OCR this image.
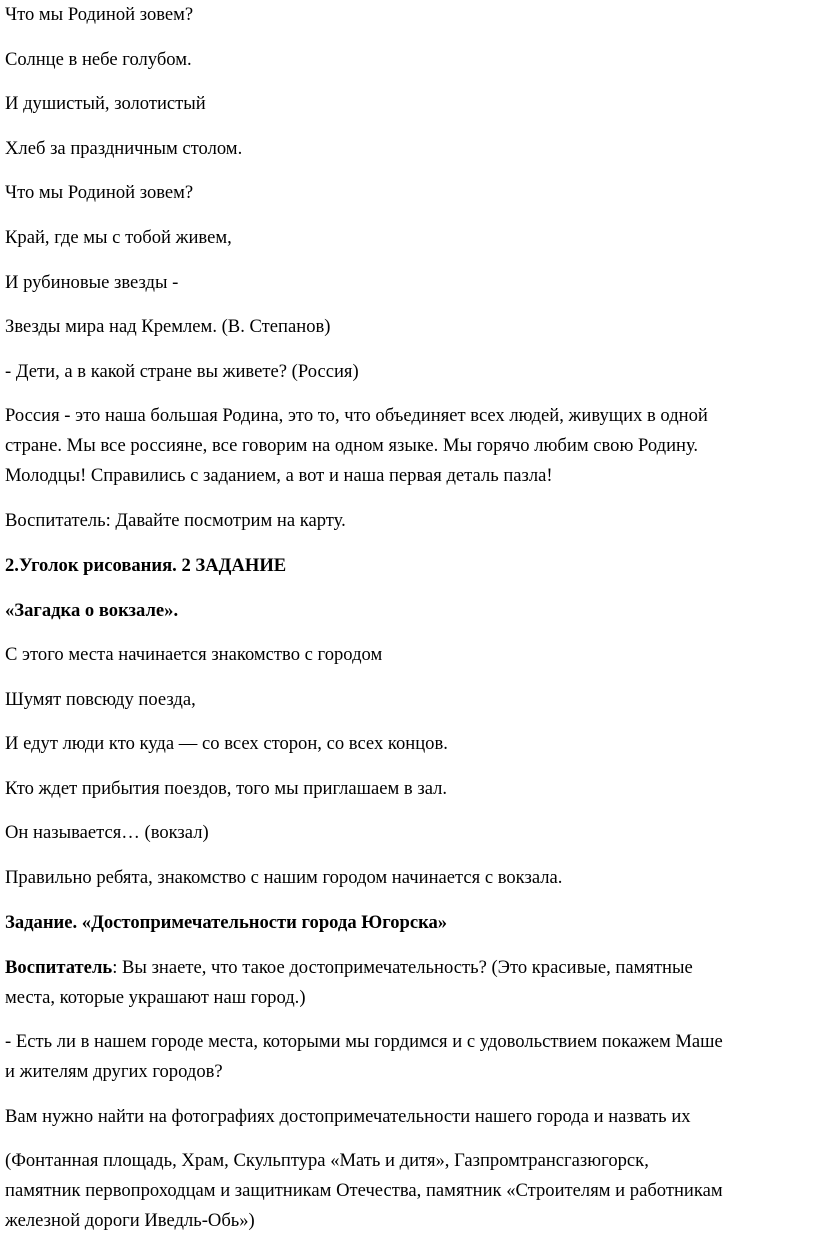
Что мы Родиной зовем?

Солнце в небе голубом.

И душистый, золотистый

Хлеб за праздничным столом.

Что мы Родиной зовем?

Край, где мы с тобой живем,

И рубиновые звезды -

Звезды мира над Кремлем. (В. Степанов)

- Дети, а в какой стране вы живете? (Россия)

Россия - это наша большая Родина, это то, что объединяет всех людей, живущих в одной

стране. Мы все россияне, все говорим на одном языке. Мы горячо любим свою Родину.

Молодцы! Справились с заданием, а вот и наша первая деталь пазла!

Воспитатель: Давайте посмотрим на карту.

2.Уголок рисования. 2 ЗАДАНИЕ

«Загадка о вокзале».

С этого места начинается знакомство с городом

Шумят повсюду поезда,

И едут люди кто куда — со всех сторон, со всех концов.

Кто ждет прибытия поездов, того мы приглашаем в зал.

Он называется… (вокзал)

Правильно ребята, знакомство с нашим городом начинается с вокзала.

Задание. «Достопримечательности города Югорска»

Воспитатель: Вы знаете, что такое достопримечательность? (Это красивые, памятные

места, которые украшают наш город.)

- Есть ли в нашем городе места, которыми мы гордимся и с удовольствием покажем Маше

и жителям других городов?

Вам нужно найти на фотографиях достопримечательности нашего города и назвать их

(Фонтанная площадь, Храм, Скульптура «Мать и дитя», Газпромтрансгазюгорск,

памятник первопроходцам и защитникам Отечества, памятник «Строителям и работникам

железной дороги Иведль-Обь»)
